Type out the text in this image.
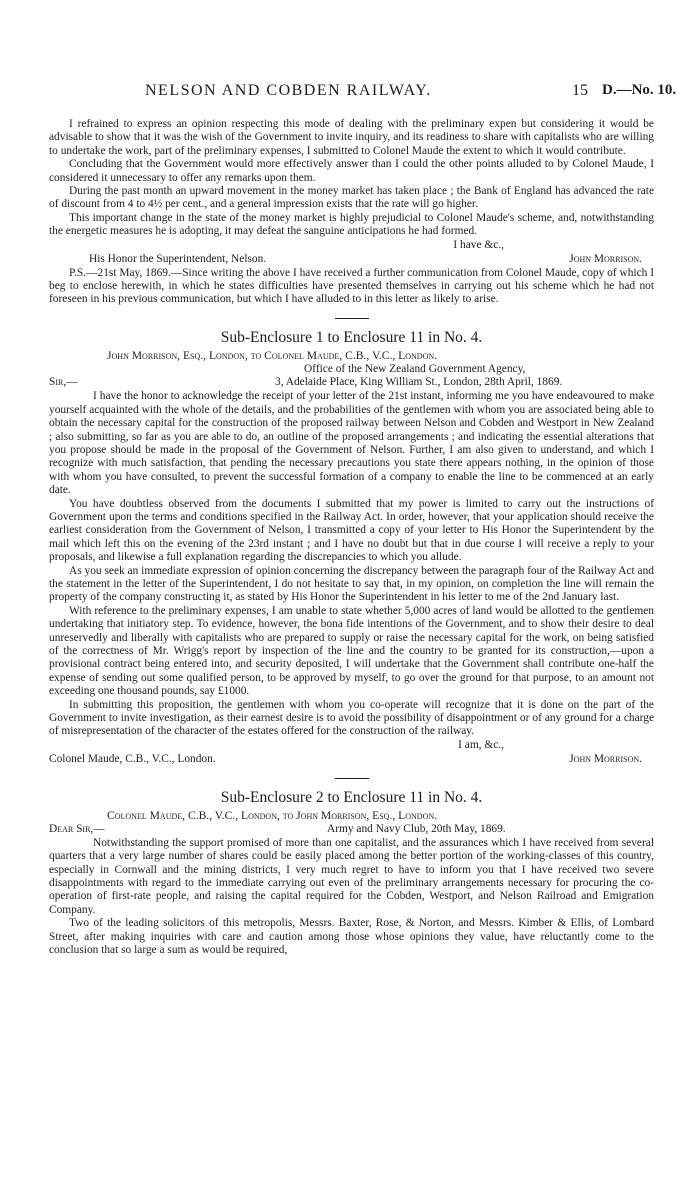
NELSON AND COBDEN RAILWAY.	15 D.—No. 10.

I refrained to express an opinion respecting this mode of dealing with the preliminary expen but considering it would be advisable to show that it was the wish of the Government to invite inquiry, and its readiness to share with capitalists who are willing to undertake the work, part of the preliminary expenses, I submitted to Colonel Maude the extent to which it would contribute.

Concluding that the Government would more effectively answer than I could the other points alluded to by Colonel Maude, I considered it unnecessary to offer any remarks upon them.

During the past month an upward movement in the money market has taken place ; the Bank of England has advanced the rate of discount from 4 to 4½ per cent., and a general impression exists that the rate will go higher.

This important change in the state of the money market is highly prejudicial to Colonel Maude's scheme, and, notwithstanding the energetic measures he is adopting, it may defeat the sanguine anticipations he had formed.

I have &c.,
His Honor the Superintendent, Nelson.	John Morrison.

P.S.—21st May, 1869.—Since writing the above I have received a further communication from Colonel Maude, copy of which I beg to enclose herewith, in which he states difficulties have presented themselves in carrying out his scheme which he had not foreseen in his previous communication, but which I have alluded to in this letter as likely to arise.

Sub-Enclosure 1 to Enclosure 11 in No. 4.
John Morrison, Esq., London, to Colonel Maude, C.B., V.C., London.
Office of the New Zealand Government Agency,
Sir,—	3, Adelaide Place, King William St., London, 28th April, 1869.

I have the honor to acknowledge the receipt of your letter of the 21st instant, informing me you have endeavoured to make yourself acquainted with the whole of the details, and the probabilities of the gentlemen with whom you are associated being able to obtain the necessary capital for the construction of the proposed railway between Nelson and Cobden and Westport in New Zealand ; also submitting, so far as you are able to do, an outline of the proposed arrangements ; and indicating the essential alterations that you propose should be made in the proposal of the Government of Nelson. Further, I am also given to understand, and which I recognize with much satisfaction, that pending the necessary precautions you state there appears nothing, in the opinion of those with whom you have consulted, to prevent the successful formation of a company to enable the line to be commenced at an early date.

You have doubtless observed from the documents I submitted that my power is limited to carry out the instructions of Government upon the terms and conditions specified in the Railway Act. In order, however, that your application should receive the earliest consideration from the Government of Nelson, I transmitted a copy of your letter to His Honor the Superintendent by the mail which left this on the evening of the 23rd instant ; and I have no doubt but that in due course I will receive a reply to your proposals, and likewise a full explanation regarding the discrepancies to which you allude.

As you seek an immediate expression of opinion concerning the discrepancy between the paragraph four of the Railway Act and the statement in the letter of the Superintendent, I do not hesitate to say that, in my opinion, on completion the line will remain the property of the company constructing it, as stated by His Honor the Superintendent in his letter to me of the 2nd January last.

With reference to the preliminary expenses, I am unable to state whether 5,000 acres of land would be allotted to the gentlemen undertaking that initiatory step. To evidence, however, the bona fide intentions of the Government, and to show their desire to deal unreservedly and liberally with capitalists who are prepared to supply or raise the necessary capital for the work, on being satisfied of the correctness of Mr. Wrigg's report by inspection of the line and the country to be granted for its construction,—upon a provisional contract being entered into, and security deposited, I will undertake that the Government shall contribute one-half the expense of sending out some qualified person, to be approved by myself, to go over the ground for that purpose, to an amount not exceeding one thousand pounds, say £1000.

In submitting this proposition, the gentlemen with whom you co-operate will recognize that it is done on the part of the Government to invite investigation, as their earnest desire is to avoid the possibility of disappointment or of any ground for a charge of misrepresentation of the character of the estates offered for the construction of the railway.

I am, &c.,
Colonel Maude, C.B., V.C., London.	John Morrison.
Sub-Enclosure 2 to Enclosure 11 in No. 4.
Colonel Maude, C.B., V.C., London, to John Morrison, Esq., London.
Dear Sir,—	Army and Navy Club, 20th May, 1869.

Notwithstanding the support promised of more than one capitalist, and the assurances which I have received from several quarters that a very large number of shares could be easily placed among the better portion of the working-classes of this country, especially in Cornwall and the mining districts, I very much regret to have to inform you that I have received two severe disappointments with regard to the immediate carrying out even of the preliminary arrangements necessary for procuring the co-operation of first-rate people, and raising the capital required for the Cobden, Westport, and Nelson Railroad and Emigration Company.

Two of the leading solicitors of this metropolis, Messrs. Baxter, Rose, & Norton, and Messrs. Kimber & Ellis, of Lombard Street, after making inquiries with care and caution among those whose opinions they value, have reluctantly come to the conclusion that so large a sum as would be required,
